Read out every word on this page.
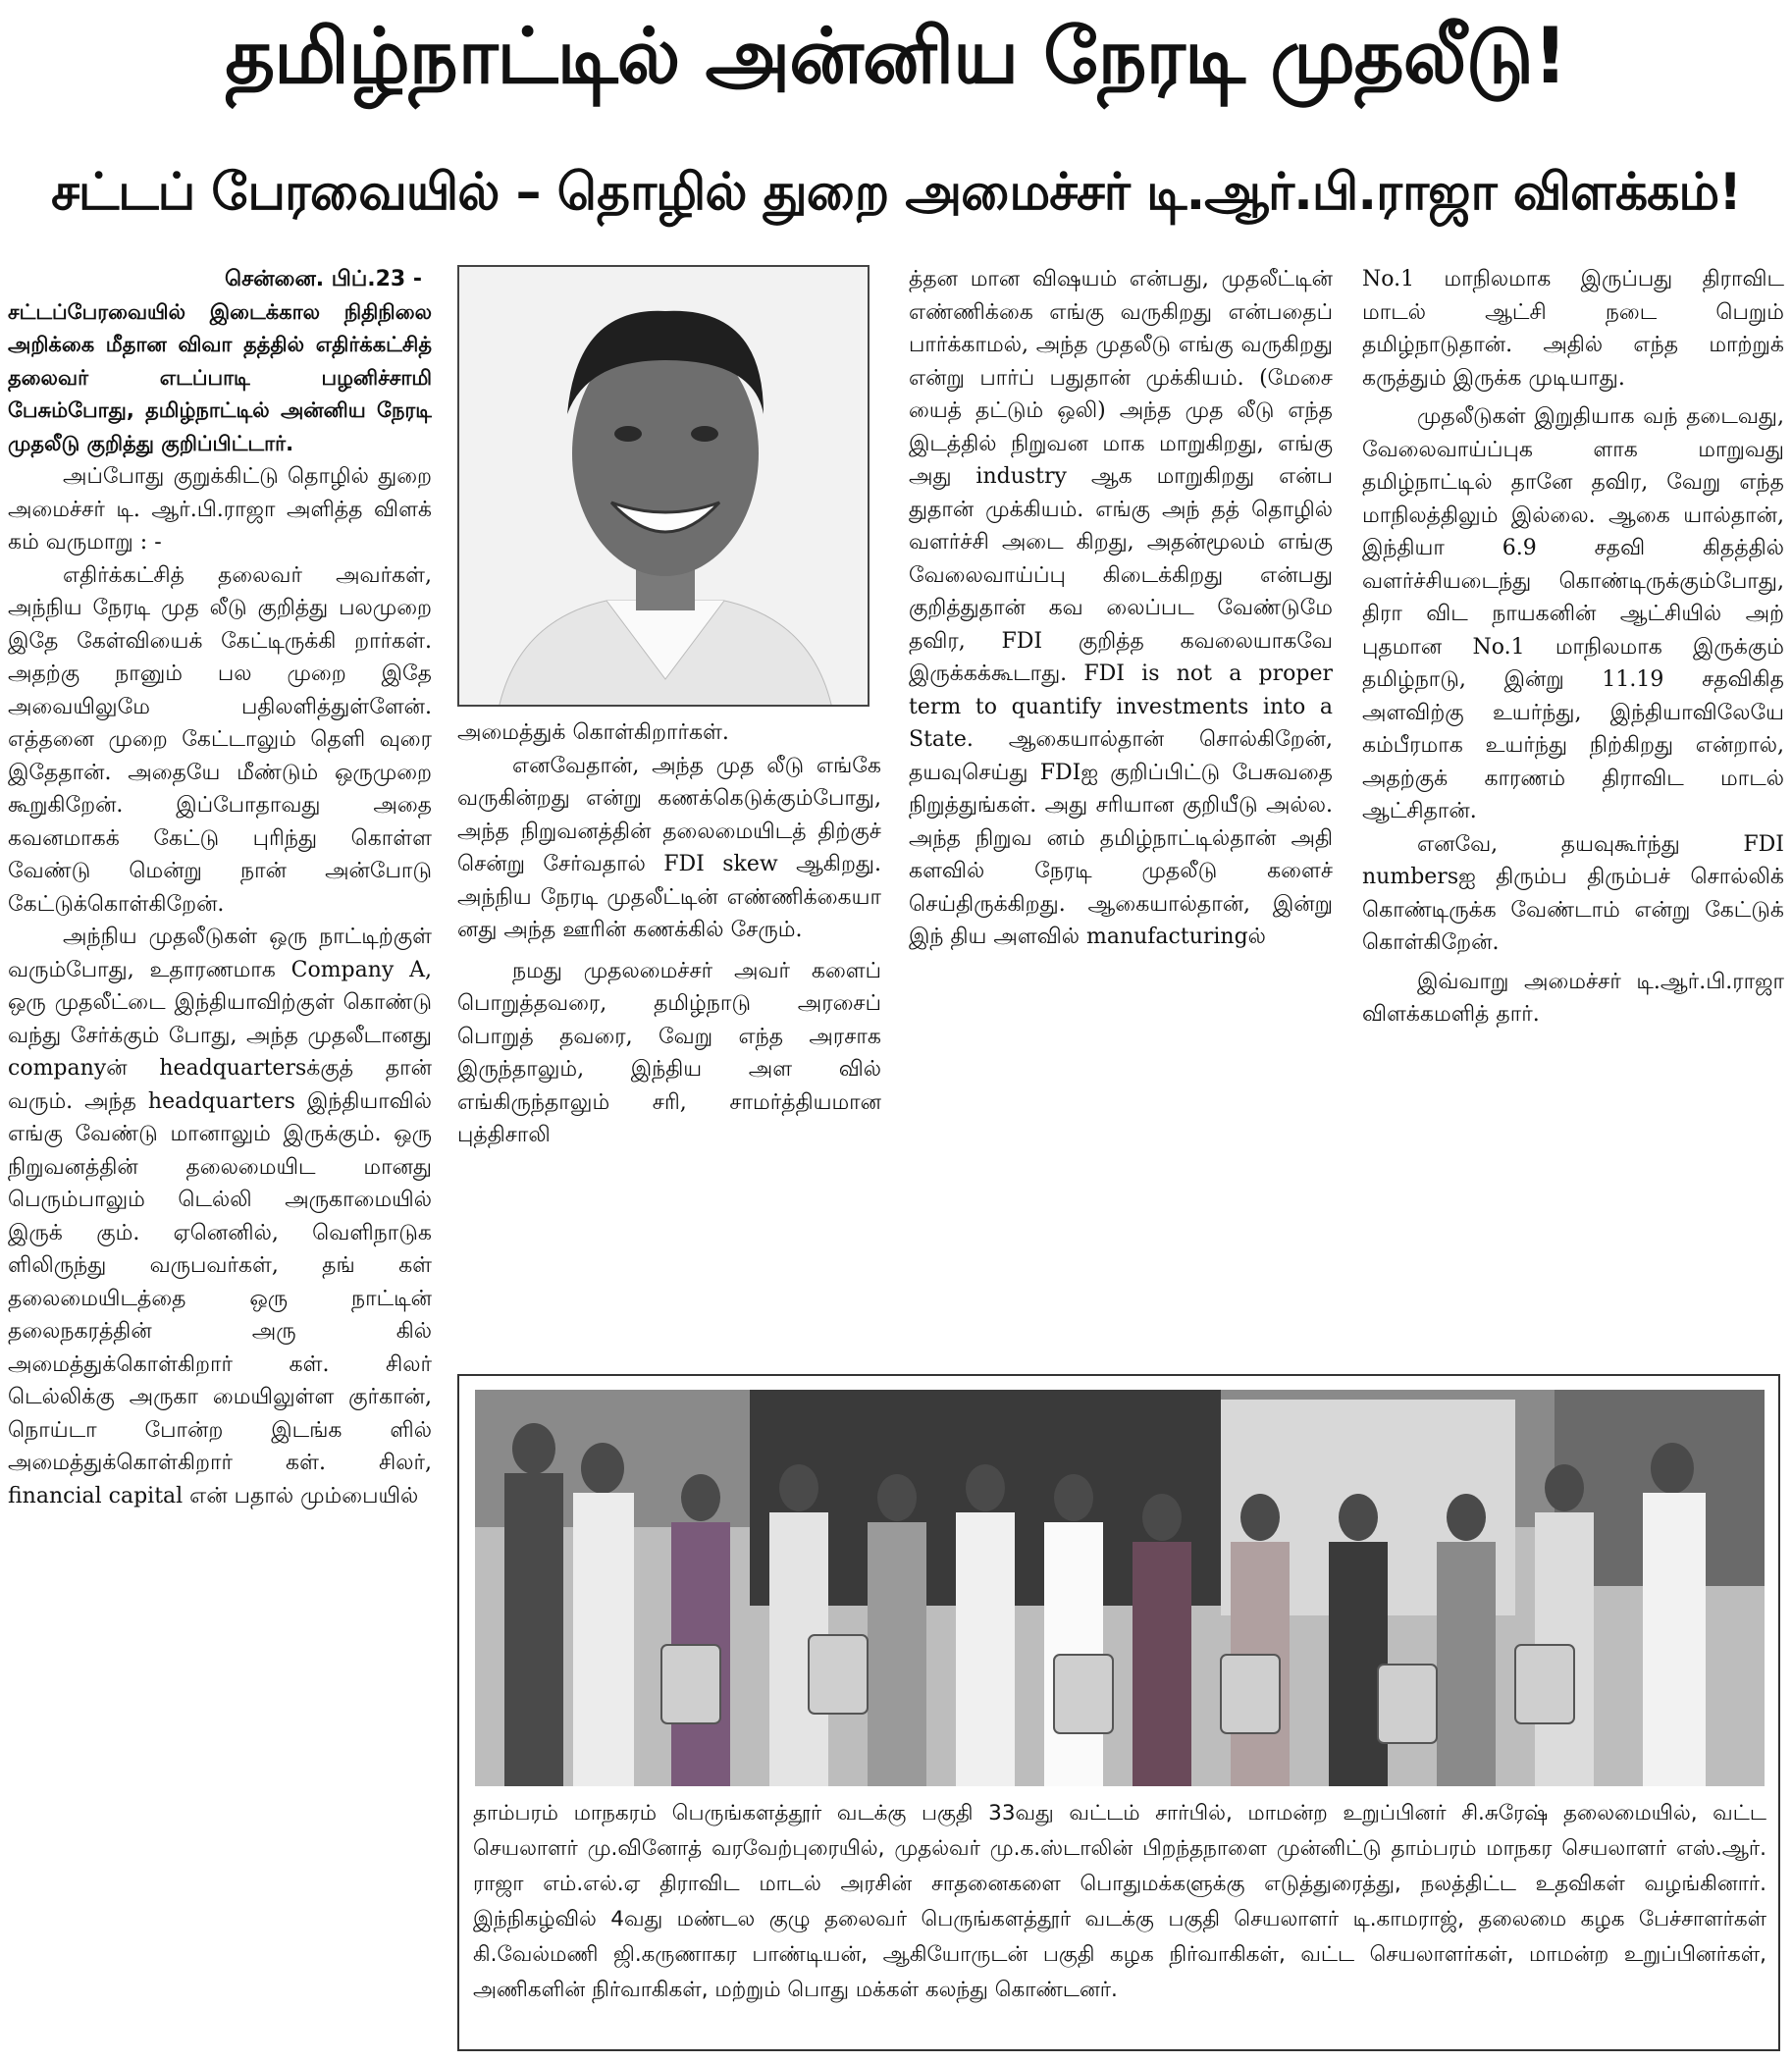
தமிழ்நாட்டில் அன்னிய நேரடி முதலீடு!
சட்டப் பேரவையில் – தொழில் துறை அமைச்சர் டி.ஆர்.பி.ராஜா விளக்கம்!

சென்னை. பிப்.23 -

சட்டப்பேரவையில் இடைக்கால நிதிநிலை அறிக்கை மீதான விவா தத்தில் எதிர்க்கட்சித் தலைவர் எடப்பாடி பழனிச்சாமி பேசும்போது, தமிழ்நாட்டில் அன்னிய நேரடி முதலீடு குறித்து குறிப்பிட்டார்.

அப்போது குறுக்கிட்டு தொழில் துறை அமைச்சர் டி. ஆர்.பி.ராஜா அளித்த விளக் கம் வருமாறு : -

எதிர்க்கட்சித் தலைவர் அவர்கள், அந்நிய நேரடி முத லீடு குறித்து பலமுறை இதே கேள்வியைக் கேட்டிருக்கி றார்கள். அதற்கு நானும் பல முறை இதே அவையிலுமே பதிலளித்துள்ளேன். எத்தனை முறை கேட்டாலும் தெளி வுரை இதேதான். அதையே மீண்டும் ஒருமுறை கூறுகிறேன். இப்போதாவது அதை கவனமாகக் கேட்டு புரிந்து கொள்ள வேண்டு மென்று நான் அன்போடு கேட்டுக்கொள்கிறேன்.

அந்நிய முதலீடுகள் ஒரு நாட்டிற்குள் வரும்போது, உதாரணமாக Company A, ஒரு முதலீட்டை இந்தியாவிற்குள் கொண்டு வந்து சேர்க்கும் போது, அந்த முதலீடானது companyன் headquartersக்குத் தான் வரும். அந்த headquarters இந்தியாவில் எங்கு வேண்டு மானாலும் இருக்கும். ஒரு நிறுவனத்தின் தலைமையிட மானது பெரும்பாலும் டெல்லி அருகாமையில் இருக் கும். ஏனெனில், வெளிநாடுக ளிலிருந்து வருபவர்கள், தங் கள் தலைமையிடத்தை ஒரு நாட்டின் தலைநகரத்தின் அரு கில் அமைத்துக்கொள்கிறார் கள். சிலர் டெல்லிக்கு அருகா மையிலுள்ள குர்கான், நொய்டா போன்ற இடங்க ளில் அமைத்துக்கொள்கிறார் கள். சிலர், financial capital என் பதால் மும்பையில்

அமைத்துக் கொள்கிறார்கள்.

எனவேதான், அந்த முத லீடு எங்கே வருகின்றது என்று கணக்கெடுக்கும்போது, அந்த நிறுவனத்தின் தலைமையிடத் திற்குச் சென்று சேர்வதால் FDI skew ஆகிறது. அந்நிய நேரடி முதலீட்டின் எண்ணிக்கையா னது அந்த ஊரின் கணக்கில் சேரும்.

நமது முதலமைச்சர் அவர் களைப் பொறுத்தவரை, தமிழ்நாடு அரசைப் பொறுத் தவரை, வேறு எந்த அரசாக இருந்தாலும், இந்திய அள வில் எங்கிருந்தாலும் சரி, சாமர்த்தியமான புத்திசாலி

த்தன மான விஷயம் என்பது, முதலீட்டின் எண்ணிக்கை எங்கு வருகிறது என்பதைப் பார்க்காமல், அந்த முதலீடு எங்கு வருகிறது என்று பார்ப் பதுதான் முக்கியம். (மேசை யைத் தட்டும் ஒலி) அந்த முத லீடு எந்த இடத்தில் நிறுவன மாக மாறுகிறது, எங்கு அது industry ஆக மாறுகிறது என்ப துதான் முக்கியம். எங்கு அந் தத் தொழில் வளர்ச்சி அடை கிறது, அதன்மூலம் எங்கு வேலைவாய்ப்பு கிடைக்கிறது என்பது குறித்துதான் கவ லைப்பட வேண்டுமே தவிர, FDI குறித்த கவலையாகவே இருக்கக்கூடாது. FDI is not a proper term to quantify investments into a State. ஆகையால்தான் சொல்கிறேன், தயவுசெய்து FDIஐ குறிப்பிட்டு பேசுவதை நிறுத்துங்கள். அது சரியான குறியீடு அல்ல. அந்த நிறுவ னம் தமிழ்நாட்டில்தான் அதி களவில் நேரடி முதலீடு களைச் செய்திருக்கிறது. ஆகையால்தான், இன்று இந் திய அளவில் manufacturingல்

No.1 மாநிலமாக இருப்பது திராவிட மாடல் ஆட்சி நடை பெறும் தமிழ்நாடுதான். அதில் எந்த மாற்றுக் கருத்தும் இருக்க முடியாது.

முதலீடுகள் இறுதியாக வந் தடைவது, வேலைவாய்ப்புக ளாக மாறுவது தமிழ்நாட்டில் தானே தவிர, வேறு எந்த மாநிலத்திலும் இல்லை. ஆகை யால்தான், இந்தியா 6.9 சதவி கிதத்தில் வளர்ச்சியடைந்து கொண்டிருக்கும்போது, திரா விட நாயகனின் ஆட்சியில் அற் புதமான No.1 மாநிலமாக இருக்கும் தமிழ்நாடு, இன்று 11.19 சதவிகித அளவிற்கு உயர்ந்து, இந்தியாவிலேயே கம்பீரமாக உயர்ந்து நிற்கிறது என்றால், அதற்குக் காரணம் திராவிட மாடல் ஆட்சிதான்.

எனவே, தயவுகூர்ந்து FDI numbersஐ திரும்ப திரும்பச் சொல்லிக் கொண்டிருக்க வேண்டாம் என்று கேட்டுக் கொள்கிறேன்.

இவ்வாறு அமைச்சர் டி.ஆர்.பி.ராஜா விளக்கமளித் தார்.

தாம்பரம் மாநகரம் பெருங்களத்தூர் வடக்கு பகுதி 33வது வட்டம் சார்பில், மாமன்ற உறுப்பினர் சி.சுரேஷ் தலைமையில், வட்ட செயலாளர் மு.வினோத் வரவேற்புரையில், முதல்வர் மு.க.ஸ்டாலின் பிறந்தநாளை முன்னிட்டு தாம்பரம் மாநகர செயலாளர் எஸ்.ஆர். ராஜா எம்.எல்.ஏ திராவிட மாடல் அரசின் சாதனைகளை பொதுமக்களுக்கு எடுத்துரைத்து, நலத்திட்ட உதவிகள் வழங்கினார். இந்நிகழ்வில் 4வது மண்டல குழு தலைவர் பெருங்களத்தூர் வடக்கு பகுதி செயலாளர் டி.காமராஜ், தலைமை கழக பேச்சாளர்கள் கி.வேல்மணி ஜி.கருணாகர பாண்டியன், ஆகியோருடன் பகுதி கழக நிர்வாகிகள், வட்ட செயலாளர்கள், மாமன்ற உறுப்பினர்கள், அணிகளின் நிர்வாகிகள், மற்றும் பொது மக்கள் கலந்து கொண்டனர்.
